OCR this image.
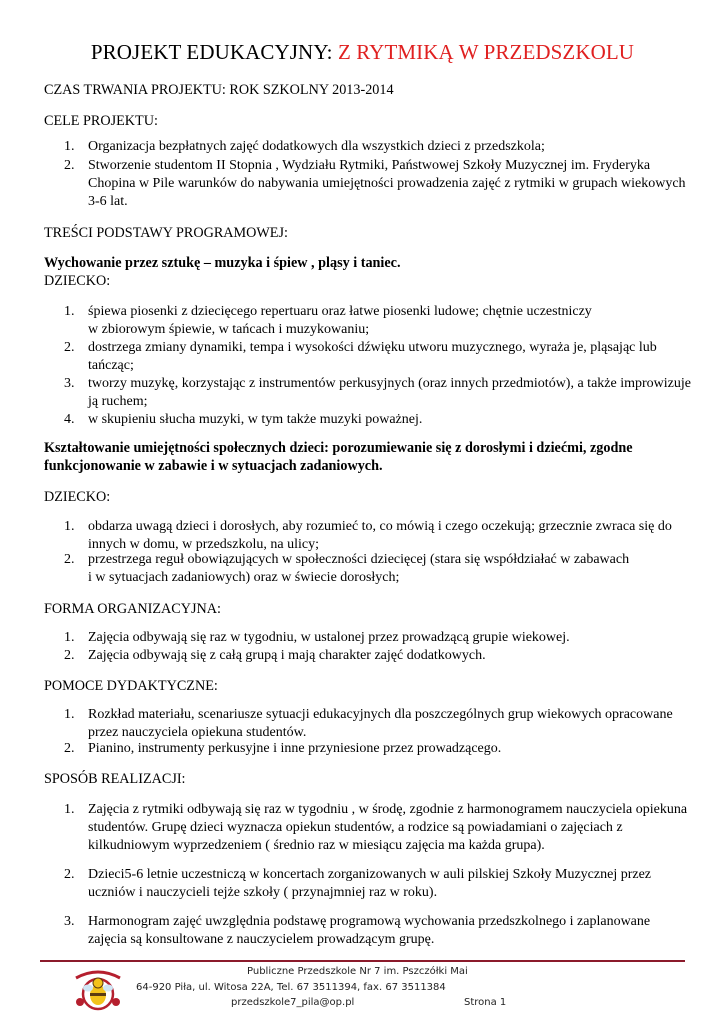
PROJEKT EDUKACYJNY: Z RYTMIKĄ W PRZEDSZKOLU
CZAS TRWANIA PROJEKTU: ROK SZKOLNY 2013-2014
CELE PROJEKTU:
1. Organizacja bezpłatnych zajęć dodatkowych dla wszystkich dzieci z przedszkola;
2. Stworzenie studentom II Stopnia , Wydziału Rytmiki, Państwowej Szkoły Muzycznej im. Fryderyka
Chopina w Pile warunków do nabywania umiejętności prowadzenia zajęć z rytmiki w grupach wiekowych
3-6 lat.
TREŚCI PODSTAWY PROGRAMOWEJ:
Wychowanie przez sztukę – muzyka i śpiew , pląsy i taniec.
DZIECKO:
1. śpiewa piosenki z dziecięcego repertuaru oraz łatwe piosenki ludowe; chętnie uczestniczy
w zbiorowym śpiewie, w tańcach i muzykowaniu;
2. dostrzega zmiany dynamiki, tempa i wysokości dźwięku utworu muzycznego, wyraża je, pląsając lub
tańcząc;
3. tworzy muzykę, korzystając z instrumentów perkusyjnych (oraz innych przedmiotów), a także improwizuje
ją ruchem;
4. w skupieniu słucha muzyki, w tym także muzyki poważnej.
Kształtowanie umiejętności społecznych dzieci: porozumiewanie się z dorosłymi i dziećmi, zgodne
funkcjonowanie w zabawie i w sytuacjach zadaniowych.
DZIECKO:
1. obdarza uwagą dzieci i dorosłych, aby rozumieć to, co mówią i czego oczekują; grzecznie zwraca się do
innych w domu, w przedszkolu, na ulicy;
2. przestrzega reguł obowiązujących w społeczności dziecięcej (stara się współdziałać w zabawach
i w sytuacjach zadaniowych) oraz w świecie dorosłych;
FORMA ORGANIZACYJNA:
1. Zajęcia odbywają się raz w tygodniu, w ustalonej przez prowadzącą grupie wiekowej.
2. Zajęcia odbywają się z całą grupą i mają charakter zajęć dodatkowych.
POMOCE DYDAKTYCZNE:
1. Rozkład materiału, scenariusze sytuacji edukacyjnych dla poszczególnych grup wiekowych opracowane
przez nauczyciela opiekuna studentów.
2. Pianino, instrumenty perkusyjne i inne przyniesione przez prowadzącego.
SPOSÓB REALIZACJI:
1. Zajęcia z rytmiki odbywają się raz w tygodniu , w środę, zgodnie z harmonogramem nauczyciela opiekuna
studentów. Grupę dzieci wyznacza opiekun studentów, a rodzice są powiadamiani o zajęciach z
kilkudniowym wyprzedzeniem ( średnio raz w miesiącu zajęcia ma każda grupa).
2. Dzieci5-6 letnie uczestniczą w koncertach zorganizowanych w auli pilskiej Szkoły Muzycznej przez
uczniów i nauczycieli tejże szkoły ( przynajmniej raz w roku).
3. Harmonogram zajęć uwzględnia podstawę programową wychowania przedszkolnego i zaplanowane
zajęcia są konsultowane z nauczycielem prowadzącym grupę.
Publiczne Przedszkole Nr 7 im. Pszczółki Mai
64-920 Piła, ul. Witosa 22A, Tel. 67 3511394, fax. 67 3511384
przedszkole7_pila@op.pl	Strona 1
